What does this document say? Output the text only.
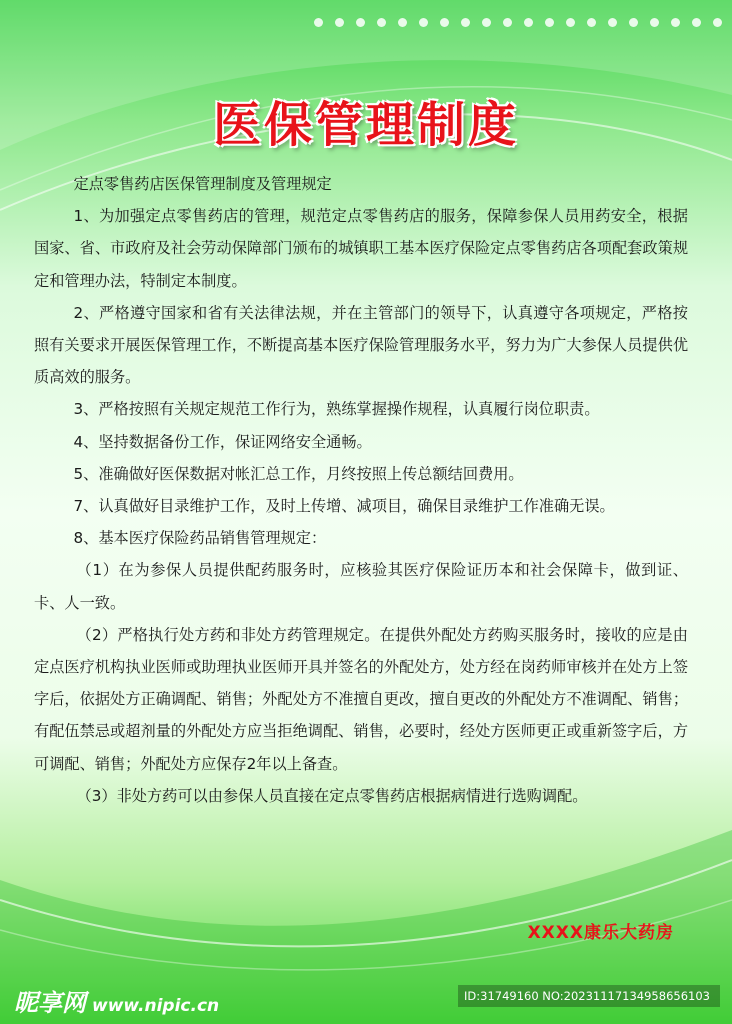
医保管理制度

定点零售药店医保管理制度及管理规定

1、为加强定点零售药店的管理，规范定点零售药店的服务，保障参保人员用药安全，根据国家、省、市政府及社会劳动保障部门颁布的城镇职工基本医疗保险定点零售药店各项配套政策规定和管理办法，特制定本制度。

2、严格遵守国家和省有关法律法规，并在主管部门的领导下，认真遵守各项规定，严格按照有关要求开展医保管理工作，不断提高基本医疗保险管理服务水平，努力为广大参保人员提供优质高效的服务。

3、严格按照有关规定规范工作行为，熟练掌握操作规程，认真履行岗位职责。

4、坚持数据备份工作，保证网络安全通畅。

5、准确做好医保数据对帐汇总工作，月终按照上传总额结回费用。

7、认真做好目录维护工作，及时上传增、减项目，确保目录维护工作准确无误。

8、基本医疗保险药品销售管理规定：

（1）在为参保人员提供配药服务时，应核验其医疗保险证历本和社会保障卡，做到证、卡、人一致。

（2）严格执行处方药和非处方药管理规定。在提供外配处方药购买服务时，接收的应是由定点医疗机构执业医师或助理执业医师开具并签名的外配处方，处方经在岗药师审核并在处方上签字后，依据处方正确调配、销售；外配处方不准擅自更改，擅自更改的外配处方不准调配、销售；有配伍禁忌或超剂量的外配处方应当拒绝调配、销售，必要时，经处方医师更正或重新签字后，方可调配、销售；外配处方应保存2年以上备查。

（3）非处方药可以由参保人员直接在定点零售药店根据病情进行选购调配。

XXXX康乐大药房
昵享网 www.nipic.cn	ID:31749160 NO:20231117134958656103
